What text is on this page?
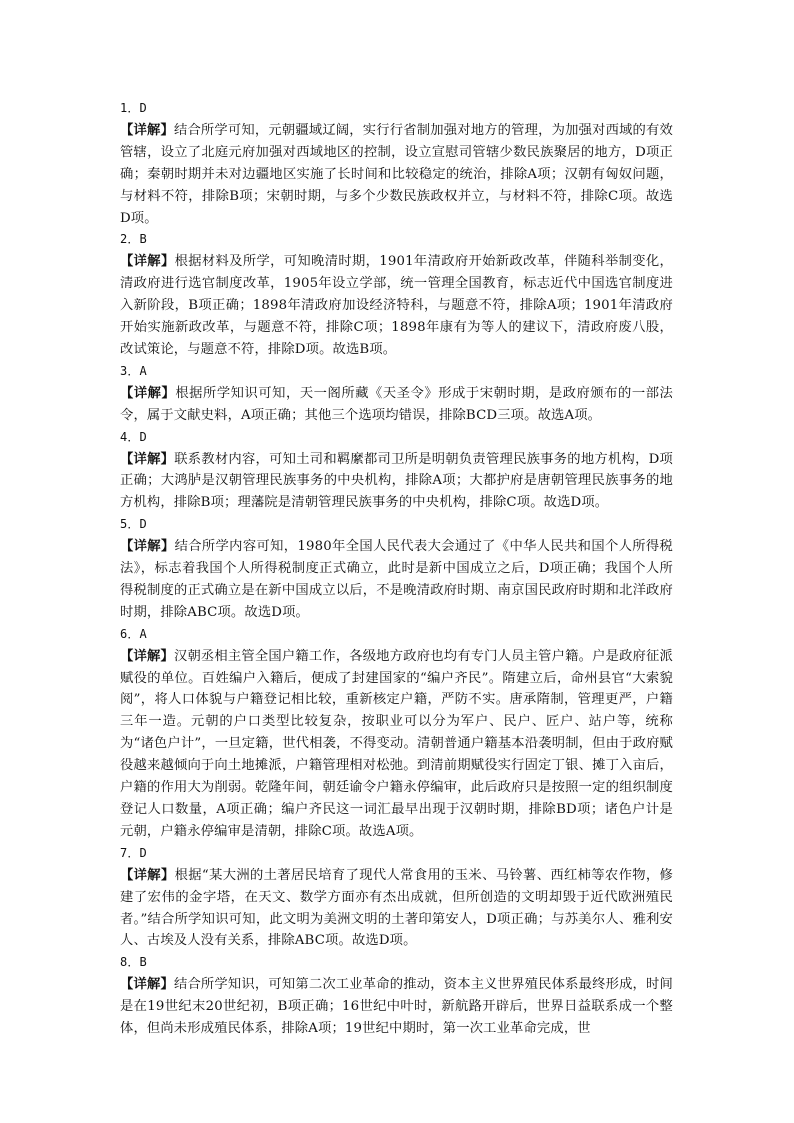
1．D

【详解】结合所学可知，元朝疆域辽阔，实行行省制加强对地方的管理，为加强对西域的有效管辖，设立了北庭元府加强对西域地区的控制，设立宣慰司管辖少数民族聚居的地方，D项正确；秦朝时期并未对边疆地区实施了长时间和比较稳定的统治，排除A项；汉朝有匈奴问题，与材料不符，排除B项；宋朝时期，与多个少数民族政权并立，与材料不符，排除C项。故选D项。

2．B

【详解】根据材料及所学，可知晚清时期，1901年清政府开始新政改革，伴随科举制变化，清政府进行选官制度改革，1905年设立学部，统一管理全国教育，标志近代中国选官制度进入新阶段，B项正确；1898年清政府加设经济特科，与题意不符，排除A项；1901年清政府开始实施新政改革，与题意不符，排除C项；1898年康有为等人的建议下，清政府废八股，改试策论，与题意不符，排除D项。故选B项。

3．A

【详解】根据所学知识可知，天一阁所藏《天圣令》形成于宋朝时期，是政府颁布的一部法令，属于文献史料，A项正确；其他三个选项均错误，排除BCD三项。故选A项。

4．D

【详解】联系教材内容，可知土司和羁縻都司卫所是明朝负责管理民族事务的地方机构，D项正确；大鸿胪是汉朝管理民族事务的中央机构，排除A项；大都护府是唐朝管理民族事务的地方机构，排除B项；理藩院是清朝管理民族事务的中央机构，排除C项。故选D项。

5．D

【详解】结合所学内容可知，1980年全国人民代表大会通过了《中华人民共和国个人所得税法》，标志着我国个人所得税制度正式确立，此时是新中国成立之后，D项正确；我国个人所得税制度的正式确立是在新中国成立以后，不是晚清政府时期、南京国民政府时期和北洋政府时期，排除ABC项。故选D项。

6．A

【详解】汉朝丞相主管全国户籍工作，各级地方政府也均有专门人员主管户籍。户是政府征派赋役的单位。百姓编户入籍后，便成了封建国家的“编户齐民”。隋建立后，命州县官“大索貌阅”，将人口体貌与户籍登记相比较，重新核定户籍，严防不实。唐承隋制，管理更严，户籍三年一造。元朝的户口类型比较复杂，按职业可以分为军户、民户、匠户、站户等，统称为“诸色户计”，一旦定籍，世代相袭，不得变动。清朝普通户籍基本沿袭明制，但由于政府赋役越来越倾向于向土地摊派，户籍管理相对松弛。到清前期赋役实行固定丁银、摊丁入亩后，户籍的作用大为削弱。乾隆年间，朝廷谕令户籍永停编审，此后政府只是按照一定的组织制度登记人口数量，A项正确；编户齐民这一词汇最早出现于汉朝时期，排除BD项；诸色户计是元朝，户籍永停编审是清朝，排除C项。故选A项。

7．D

【详解】根据“某大洲的土著居民培育了现代人常食用的玉米、马铃薯、西红柿等农作物，修建了宏伟的金字塔，在天文、数学方面亦有杰出成就，但所创造的文明却毁于近代欧洲殖民者。”结合所学知识可知，此文明为美洲文明的土著印第安人，D项正确；与苏美尔人、雅利安人、古埃及人没有关系，排除ABC项。故选D项。

8．B

【详解】结合所学知识，可知第二次工业革命的推动，资本主义世界殖民体系最终形成，时间是在19世纪末20世纪初，B项正确；16世纪中叶时，新航路开辟后，世界日益联系成一个整体，但尚未形成殖民体系，排除A项；19世纪中期时，第一次工业革命完成，世
